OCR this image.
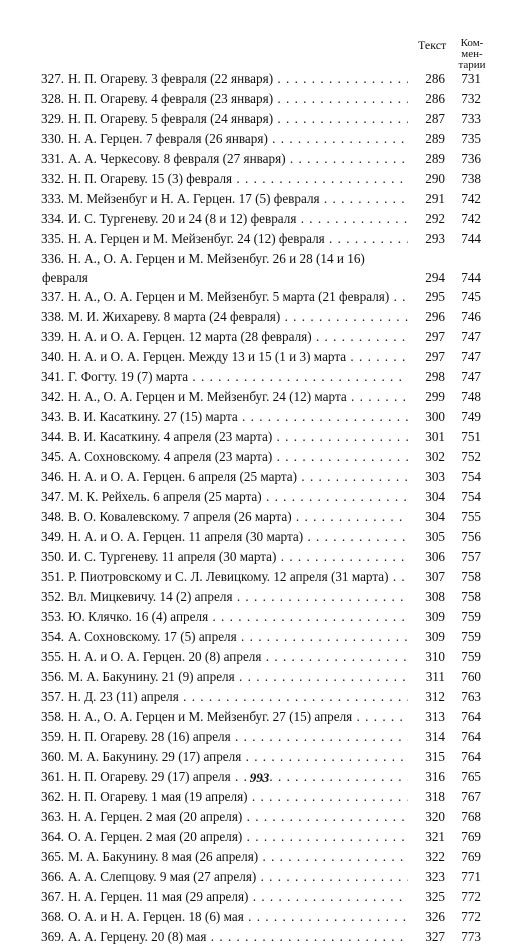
Текст	Ком-
мен-
тарии
327. Н. П. Огареву. 3 февраля (22 января) . . .	286	731
328. Н. П. Огареву. 4 февраля (23 января) . . .	286	732
329. Н. П. Огареву. 5 февраля (24 января) . . .	287	733
330. Н. А. Герцен. 7 февраля (26 января) . . .	289	735
331. А. А. Черкесову. 8 февраля (27 января) . . .	289	736
332. Н. П. Огареву. 15 (3) февраля . . .	290	738
333. М. Мейзенбуг и Н. А. Герцен. 17 (5) февраля . . .	291	742
334. И. С. Тургеневу. 20 и 24 (8 и 12) февраля . . .	292	742
335. Н. А. Герцен и М. Мейзенбуг. 24 (12) февраля . . .	293	744
336. Н. А., О. А. Герцен и М. Мейзенбуг. 26 и 28 (14 и 16)
февраля	294	744
337. Н. А., О. А. Герцен и М. Мейзенбуг. 5 марта (21 февраля) . . .	295	745
338. М. И. Жихареву. 8 марта (24 февраля) . . .	296	746
339. Н. А. и О. А. Герцен. 12 марта (28 февраля) . . .	297	747
340. Н. А. и О. А. Герцен. Между 13 и 15 (1 и 3) марта . . .	297	747
341. Г. Фогту. 19 (7) марта . . .	298	747
342. Н. А., О. А. Герцен и М. Мейзенбуг. 24 (12) марта . . .	299	748
343. В. И. Касаткину. 27 (15) марта . . .	300	749
344. В. И. Касаткину. 4 апреля (23 марта) . . .	301	751
345. А. Сохновскому. 4 апреля (23 марта) . . .	302	752
346. Н. А. и О. А. Герцен. 6 апреля (25 марта) . . .	303	754
347. М. К. Рейхель. 6 апреля (25 марта) . . .	304	754
348. В. О. Ковалевскому. 7 апреля (26 марта) . . .	304	755
349. Н. А. и О. А. Герцен. 11 апреля (30 марта) . . .	305	756
350. И. С. Тургеневу. 11 апреля (30 марта) . . .	306	757
351. Р. Пиотровскому и С. Л. Левицкому. 12 апреля (31 марта) . . .	307	758
352. Вл. Мицкевичу. 14 (2) апреля . . .	308	758
353. Ю. Клячко. 16 (4) апреля . . .	309	759
354. А. Сохновскому. 17 (5) апреля . . .	309	759
355. Н. А. и О. А. Герцен. 20 (8) апреля . . .	310	759
356. М. А. Бакунину. 21 (9) апреля . . .	311	760
357. Н. Д. 23 (11) апреля . . .	312	763
358. Н. А., О. А. Герцен и М. Мейзенбуг. 27 (15) апреля . . .	313	764
359. Н. П. Огареву. 28 (16) апреля . . .	314	764
360. М. А. Бакунину. 29 (17) апреля . . .	315	764
361. Н. П. Огареву. 29 (17) апреля . . .	316	765
362. Н. П. Огареву. 1 мая (19 апреля) . . .	318	767
363. Н. А. Герцен. 2 мая (20 апреля) . . .	320	768
364. О. А. Герцен. 2 мая (20 апреля) . . .	321	769
365. М. А. Бакунину. 8 мая (26 апреля) . . .	322	769
366. А. А. Слепцову. 9 мая (27 апреля) . . .	323	771
367. Н. А. Герцен. 11 мая (29 апреля) . . .	325	772
368. О. А. и Н. А. Герцен. 18 (6) мая . . .	326	772
369. А. А. Герцену. 20 (8) мая . . .	327	773
993
